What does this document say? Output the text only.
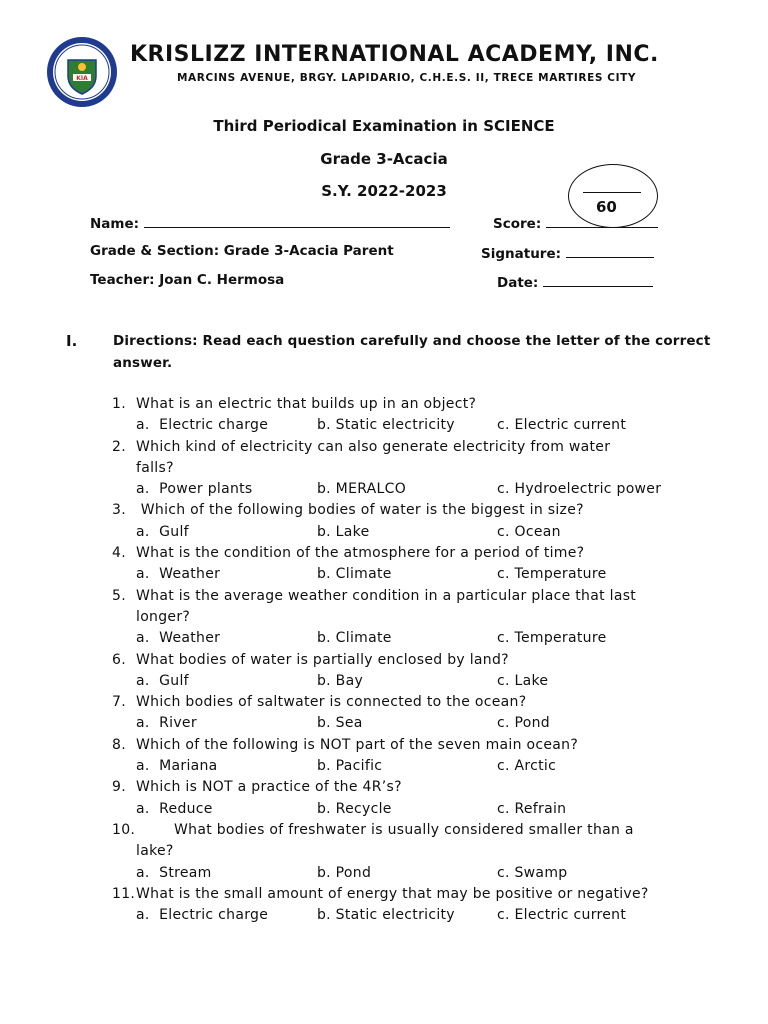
KIA
KRISLIZZ INTERNATIONAL ACADEMY, INC.
MARCINS AVENUE, BRGY. LAPIDARIO, C.H.E.S. II, TRECE MARTIRES CITY
Third Periodical Examination in SCIENCE
Grade 3-Acacia
S.Y. 2022-2023
60
Name:	Score:
Grade & Section: Grade 3-Acacia Parent	Signature:
Teacher: Joan C. Hermosa	Date:
I.	Directions: Read each question carefully and choose the letter of the correct answer.
1. What is an electric that builds up in an object?
a.  Electric charge	b. Static electricity	c. Electric current
2. Which kind of electricity can also generate electricity from water
falls?
a.  Power plants	b. MERALCO	c. Hydroelectric power
3. Which of the following bodies of water is the biggest in size?
a.  Gulf	b. Lake	c. Ocean
4. What is the condition of the atmosphere for a period of time?
a.  Weather	b. Climate	c. Temperature
5. What is the average weather condition in a particular place that last
longer?
a.  Weather	b. Climate	c. Temperature
6. What bodies of water is partially enclosed by land?
a.  Gulf	b. Bay	c. Lake
7. Which bodies of saltwater is connected to the ocean?
a.  River	b. Sea	c. Pond
8. Which of the following is NOT part of the seven main ocean?
a.  Mariana	b. Pacific	c. Arctic
9. Which is NOT a practice of the 4R’s?
a.  Reduce	b. Recycle	c. Refrain
10. What bodies of freshwater is usually considered smaller than a
lake?
a.  Stream	b. Pond	c. Swamp
11. What is the small amount of energy that may be positive or negative?
a.  Electric charge	b. Static electricity	c. Electric current
